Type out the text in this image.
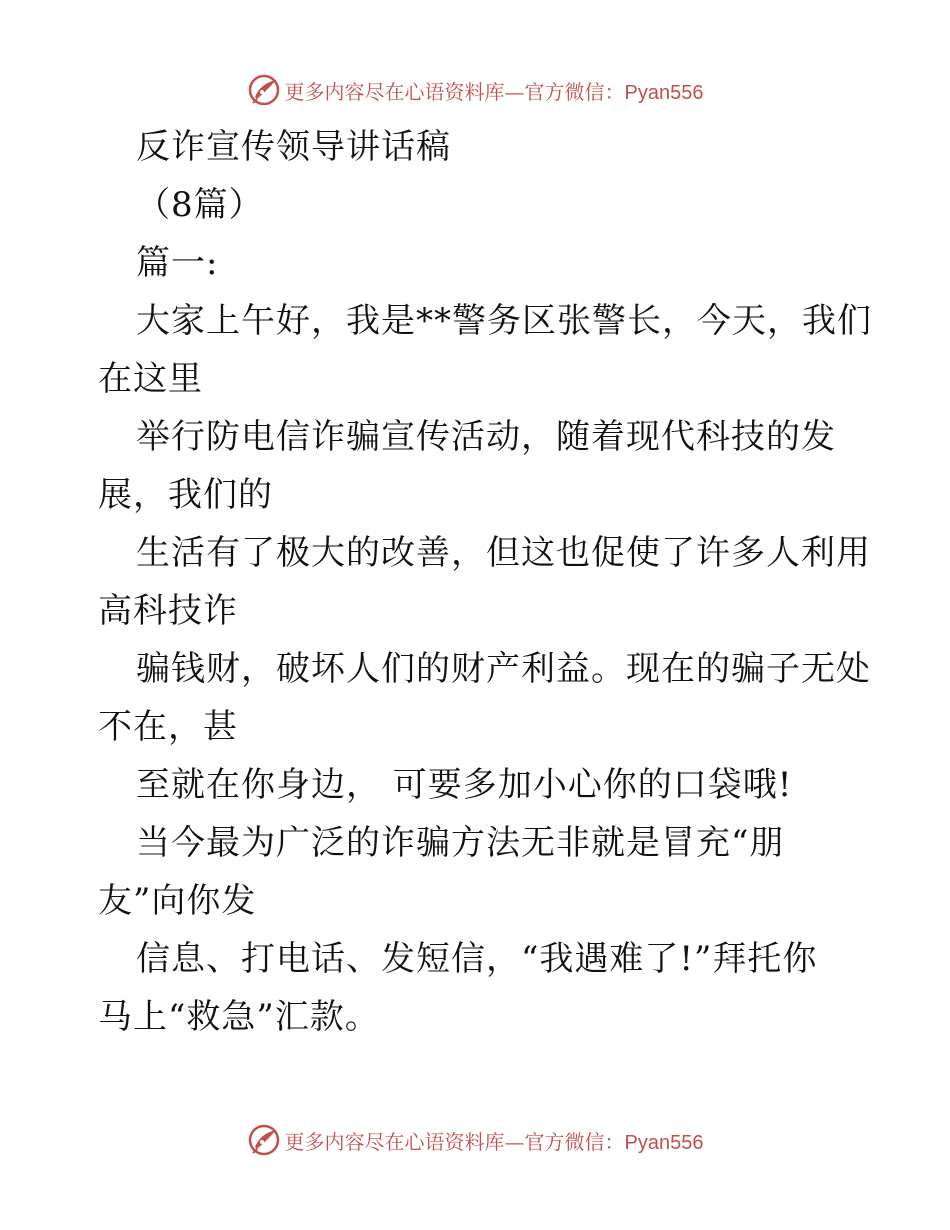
更多内容尽在心语资料库—官方微信：Pyan556
反诈宣传领导讲话稿
（8篇）
篇一:
大家上午好，我是**警务区张警长，今天，我们
在这里
举行防电信诈骗宣传活动，随着现代科技的发
展，我们的
生活有了极大的改善，但这也促使了许多人利用
高科技诈
骗钱财，破坏人们的财产利益。现在的骗子无处
不在，甚
至就在你身边， 可要多加小心你的口袋哦!
当今最为广泛的诈骗方法无非就是冒充“朋
友”向你发
信息、打电话、发短信，“我遇难了!”拜托你
马上“救急”汇款。
更多内容尽在心语资料库—官方微信：Pyan556
